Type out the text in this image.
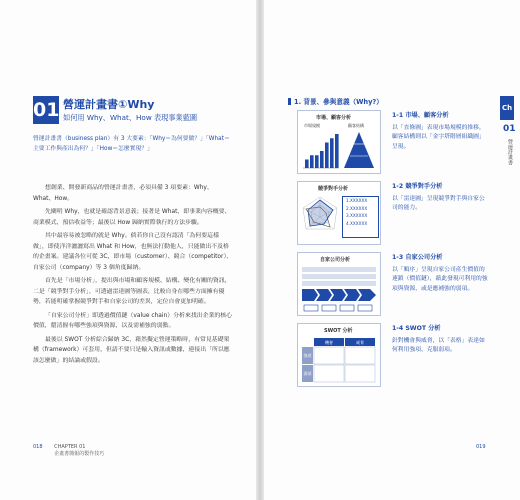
01 營運計畫書①Why
如何用 Why、What、How 表現事業藍圖
營運計畫書（business plan）有 3 大要素：「Why＝為何要做？」「What＝主要工作與產出為何？」「How＝怎麼實現？」

想創業、開發新商品的營運計畫書，必須具備 3 項要素：Why、What、How。

先闡明 Why，也就是確認背景意義；接著是 What，即事業內容概要、商業模式、預估收益等；最後以 How 歸納實際執行的方法步驟。

其中最容易被忽略的就是 Why。倘若你自己沒有認清「為何要這樣做」，即使洋洋灑灑寫出 What 和 How，也無法打動他人，只能做出不及格的企畫案。建議各位可從 3C，即市場（customer）、競合（competitor）、自家公司（company）等 3 個角度歸納。

首先是「市場分析」，提出與市場和顧客規模、結構、變化有關的資訊，二是「競爭對手分析」，可透過雷達圖等圖表，比較自身在哪些方面擁有優勢，若能明確掌握競爭對手和自家公司的差異，定位自會更加明確。

「自家公司分析」即透過價值鏈（value chain）分析來找出企業的核心價值，釐清握有哪些強項與資源，以及需補強的弱點。

最後以 SWOT 分析綜合歸納 3C，藉然擬定營運策略時，有常見基礎架構（framework）可套用，但請不要只是輸入資訊或數據，連接出「所以應該怎麼做」的結論或假設。

018 CHAPTER 01
企畫書簡報的製作技巧
1. 背景、參與意義（Why?）
市場、顧客分析
市場規模	顧客結構
競爭對手分析
1.XXXXXX
2.XXXXXX
3.XXXXXX
4.XXXXXX
自家公司分析
SWOT 分析
機會	威脅
強項
弱項
1-1 市場、顧客分析
以「直條圖」表現市場規模的推移，顧客結構則以「金字塔階層組織圖」呈現。
1-2 競爭對手分析
以「雷達圖」呈現競爭對手與自家公司的能力。
1-3 自家公司分析
以「順序」呈現自家公司產生價值的連鎖（價值鏈），藉此發現可利用的強項與資源，或是應補強的弱項。
1-4 SWOT 分析
針對機會與威脅，以「表格」表達如何利用強項、克服弱項。
Ch
01
營運計畫書
019
